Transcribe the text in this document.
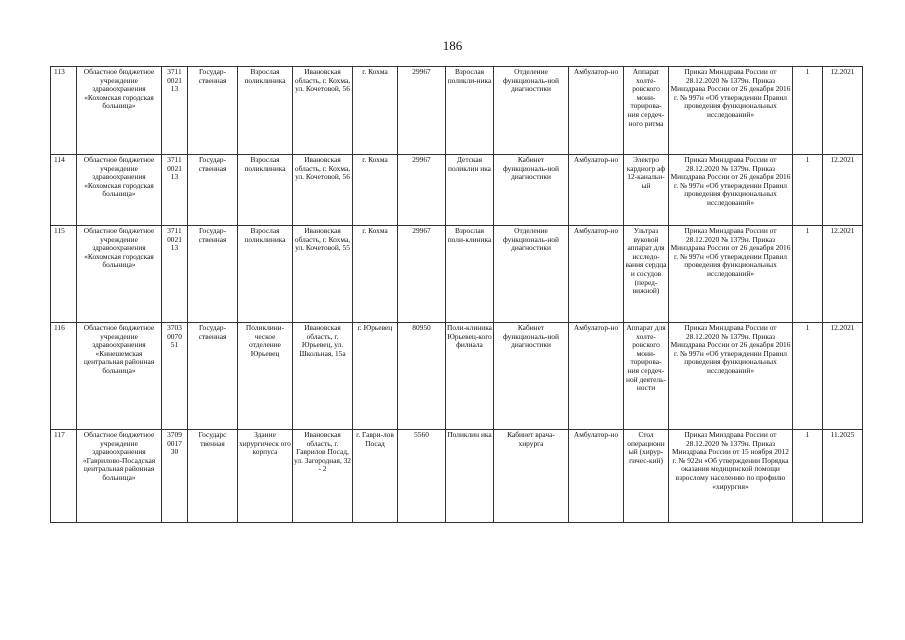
186
113	Областное бюджетное учреждение здравоохранения «Кохомская городская больница»	3711 0021 13	Государ-ственная	Взрослая поликлиника	Ивановская область, г. Кохма, ул. Кочетовой, 56	г. Кохма	29967	Взрослая поликли-ника	Отделение функциональ-ной диагностики	Амбулатор-но	Аппарат холте-ровского мони-торирова-ния сердеч-ного ритма	Приказ Минздрава России от 28.12.2020 № 1379н. Приказ Минздрава России от 26 декабря 2016 г. № 997н «Об утверждении Правил проведения функциональных исследований»	1	12.2021
114	Областное бюджетное учреждение здравоохранения «Кохомская городская больница»	3711 0021 13	Государ-ственная	Взрослая поликлиника	Ивановская область, г. Кохма, ул. Кочетовой, 56	г. Кохма	29967	Детская поликлин ика	Кабинет функциональ-ной диагностики	Амбулатор-но	Электро кардиогр аф 12-канальн-ый	Приказ Минздрава России от 28.12.2020 № 1379н. Приказ Минздрава России от 26 декабря 2016 г. № 997н «Об утверждении Правил проведения функциональных исследований»	1	12.2021
115	Областное бюджетное учреждение здравоохранения «Кохомская городская больница»	3711 0021 13	Государ-ственная	Взрослая поликлиника	Ивановская область, г. Кохма, ул. Кочетовой, 55	г. Кохма	29967	Взрослая поли-клиника	Отделение функциональ-ной диагностики	Амбулатор-но	Ультраз вуковой аппарат для исследо-вания сердца и сосудов (перед-вижной)	Приказ Минздрава России от 28.12.2020 № 1379н. Приказ Минздрава России от 26 декабря 2016 г. № 997н «Об утверждении Правил проведения функциональных исследований»	1	12.2021
116	Областное бюджетное учреждение здравоохранения «Кинешемская центральная районная больница»	3703 0070 51	Государ-ственная	Поликлини-ческое отделение Юрьевец	Ивановская область, г. Юрьевец, ул. Школьная, 15а	г. Юрьевец	80950	Поли-клиника Юрьевец-кого филиала	Кабинет функциональ-ной диагностики	Амбулатор-но	Аппарат для холте-ровского мони-торирова-ния сердеч-ной деятель-ности	Приказ Минздрава России от 28.12.2020 № 1379н. Приказ Минздрава России от 26 декабря 2016 г. № 997н «Об утверждении Правил проведения функциональных исследований»	1	12.2021
117	Областное бюджетное учреждение здравоохранения «Гаврилово-Посадская центральная районная больница»	3709 0017 30	Государс твенная	Здание хирургическ ого корпуса	Ивановская область, г. Гаврилов Посад, ул. Загородная, 32 - 2	г. Гаври-лов Посад	5560	Поликлин ика	Кабинет врача-хирурга	Амбулатор-но	Стол операционный (хирур-гичес-кий)	Приказ Минздрава России от 28.12.2020 № 1379н. Приказ Минздрава России от 15 ноября 2012 г. № 922н «Об утверждении Порядка оказания медицинской помощи взрослому населению по профилю «хирургия»	1	11.2025
